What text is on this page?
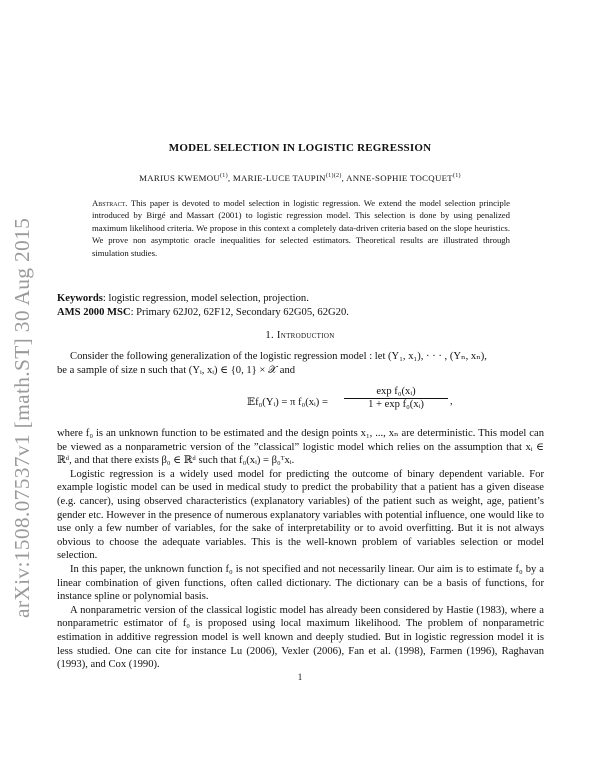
arXiv:1508.07537v1 [math.ST] 30 Aug 2015
MODEL SELECTION IN LOGISTIC REGRESSION
MARIUS KWEMOU$^{(1)}$, MARIE-LUCE $TAUPIN^{(1)(2)}$, ANNE-SOPHIE TOCQUET$^{(1)}$
Abstract. This paper is devoted to model selection in logistic regression. We extend the model selection principle introduced by Birgé and Massart (2001) to logistic regression model. This selection is done by using penalized maximum likelihood criteria. We propose in this context a completely data-driven criteria based on the slope heuristics. We prove non asymptotic oracle inequalities for selected estimators. Theoretical results are illustrated through simulation studies.
Keywords: logistic regression, model selection, projection.
AMS 2000 MSC: Primary 62J02, 62F12, Secondary 62G05, 62G20.
1. Introduction

Consider the following generalization of the logistic regression model : let (Y₁, x₁), · · · , (Yₙ, xₙ),

be a sample of size n such that (Yᵢ, xᵢ) ∈ {0, 1} × 𝒳 and

𝔼f₀(Yᵢ) = π f₀(xᵢ) = $\frac{\text{exp f₀(xᵢ)}}{\text{1 + exp f₀(xᵢ)}}$ ,

where f₀ is an unknown function to be estimated and the design points x₁, ..., xₙ are deterministic. This model can be viewed as a nonparametric version of the ”classical” logistic model which relies on the assumption that xᵢ ∈ ℝᵈ, and that there exists β₀ ∈ ℝᵈ such that f₀(xᵢ) = β₀ᵀxᵢ.

Logistic regression is a widely used model for predicting the outcome of binary dependent variable. For example logistic model can be used in medical study to predict the probability that a patient has a given disease (e.g. cancer), using observed characteristics (explanatory variables) of the patient such as weight, age, patient’s gender etc. However in the presence of numerous explanatory variables with potential influence, one would like to use only a few number of variables, for the sake of interpretability or to avoid overfitting. But it is not always obvious to choose the adequate variables. This is the well-known problem of variables selection or model selection.

In this paper, the unknown function f₀ is not specified and not necessarily linear. Our aim is to estimate f₀ by a linear combination of given functions, often called dictionary. The dictionary can be a basis of functions, for instance spline or polynomial basis.

A nonparametric version of the classical logistic model has already been considered by Hastie (1983), where a nonparametric estimator of f₀ is proposed using local maximum likelihood. The problem of nonparametric estimation in additive regression model is well known and deeply studied. But in logistic regression model it is less studied. One can cite for instance Lu (2006), Vexler (2006), Fan et al. (1998), Farmen (1996), Raghavan (1993), and Cox (1990).

1
